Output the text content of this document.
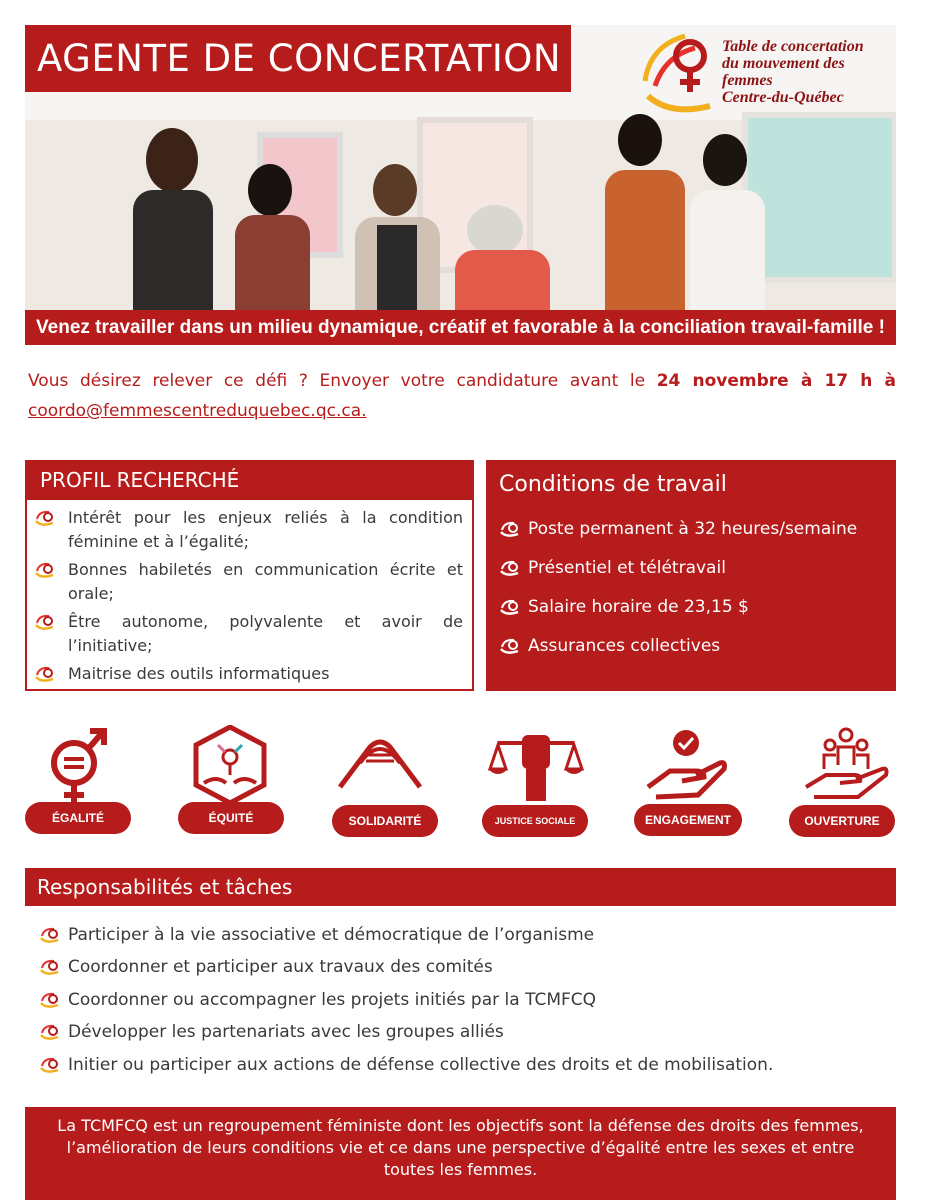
AGENTE DE CONCERTATION	Table de concertation
du mouvement des femmes
Centre-du-Québec
Venez travailler dans un milieu dynamique, créatif et favorable à la conciliation travail-famille !
Vous désirez relever ce défi ? Envoyer votre candidature avant le 24 novembre à 17 h à
coordo@femmescentreduquebec.qc.ca.
PROFIL RECHERCHÉ
Intérêt pour les enjeux reliés à la condition féminine et à l’égalité;
Bonnes habiletés en communication écrite et orale;
Être autonome, polyvalente et avoir de l’initiative;
Maitrise des outils informatiques
Conditions de travail
Poste permanent à 32 heures/semaine
Présentiel et télétravail
Salaire horaire de 23,15 $
Assurances collectives
ÉGALITÉ	ÉQUITÉ	SOLIDARITÉ	JUSTICE SOCIALE	ENGAGEMENT	OUVERTURE
Responsabilités et tâches
Participer à la vie associative et démocratique de l’organisme
Coordonner et participer aux travaux des comités
Coordonner ou accompagner les projets initiés par la TCMFCQ
Développer les partenariats avec les groupes alliés
Initier ou participer aux actions de défense collective des droits et de mobilisation.
La TCMFCQ est un regroupement féministe dont les objectifs sont la défense des droits des femmes, l’amélioration de leurs conditions vie et ce dans une perspective d’égalité entre les sexes et entre toutes les femmes.
